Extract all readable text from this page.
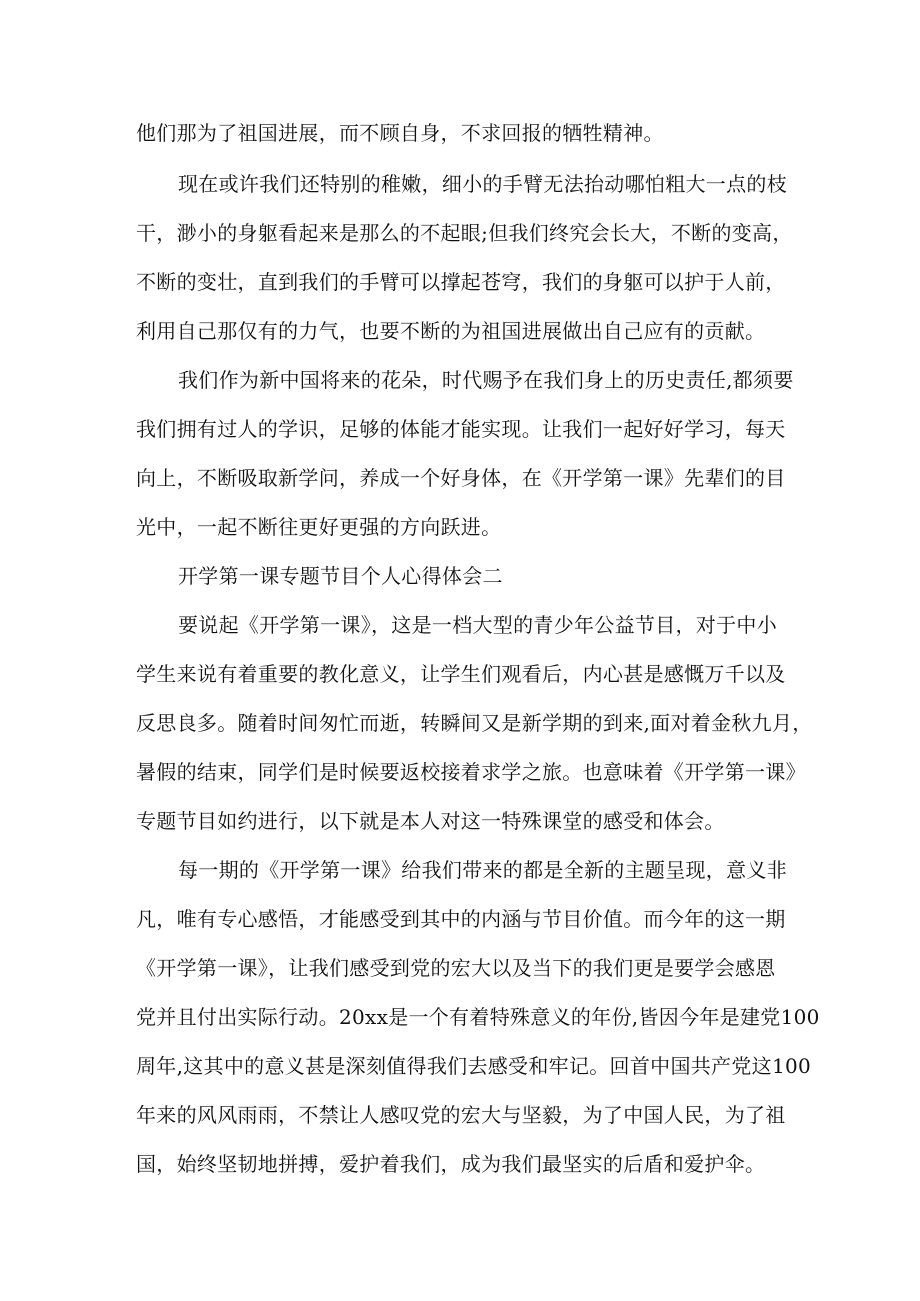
他们那为了祖国进展，而不顾自身，不求回报的牺牲精神。
现在或许我们还特别的稚嫩，细小的手臂无法抬动哪怕粗大一点的枝
干，渺小的身躯看起来是那么的不起眼;但我们终究会长大，不断的变高，
不断的变壮，直到我们的手臂可以撑起苍穹，我们的身躯可以护于人前，
利用自己那仅有的力气，也要不断的为祖国进展做出自己应有的贡献。
我们作为新中国将来的花朵，时代赐予在我们身上的历史责任,都须要
我们拥有过人的学识，足够的体能才能实现。让我们一起好好学习，每天
向上，不断吸取新学问，养成一个好身体，在《开学第一课》先辈们的目
光中，一起不断往更好更强的方向跃进。
开学第一课专题节目个人心得体会二
要说起《开学第一课》，这是一档大型的青少年公益节目，对于中小
学生来说有着重要的教化意义，让学生们观看后，内心甚是感慨万千以及
反思良多。随着时间匆忙而逝，转瞬间又是新学期的到来,面对着金秋九月，
暑假的结束，同学们是时候要返校接着求学之旅。也意味着《开学第一课》
专题节目如约进行，以下就是本人对这一特殊课堂的感受和体会。
每一期的《开学第一课》给我们带来的都是全新的主题呈现，意义非
凡，唯有专心感悟，才能感受到其中的内涵与节目价值。而今年的这一期
《开学第一课》，让我们感受到党的宏大以及当下的我们更是要学会感恩
党并且付出实际行动。20xx是一个有着特殊意义的年份,皆因今年是建党100
周年,这其中的意义甚是深刻值得我们去感受和牢记。回首中国共产党这100
年来的风风雨雨，不禁让人感叹党的宏大与坚毅，为了中国人民，为了祖
国，始终坚韧地拼搏，爱护着我们，成为我们最坚实的后盾和爱护伞。
